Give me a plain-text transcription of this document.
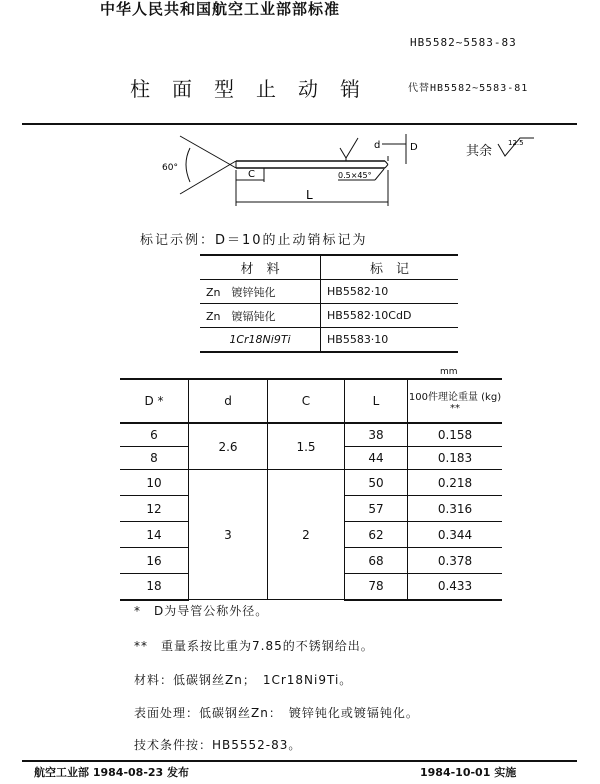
中华人民共和国航空工业部部标准
HB5582~5583-83
柱面型止动销	代替HB5582~5583-81
60°
C	0.5×45°
L
d	D	其余
12.5
标记示例：D＝10的止动销标记为
材　料	标　记
Zn　镀锌钝化	HB5582·10
Zn　镀镉钝化	HB5582·10CdD
1Cr18Ni9Ti	HB5583·10
mm
D *	d	C	L	100件理论重量 (kg) **
6	2.6	1.5	38	0.158
8			44	0.183
10	3	2	50	0.218
12			57	0.316
14			62	0.344
16			68	0.378
18			78	0.433
*　D为导管公称外径。
**　重量系按比重为7.85的不锈钢给出。
材料：低碳钢丝Zn；　1Cr18Ni9Ti。
表面处理：低碳钢丝Zn：　镀锌钝化或镀镉钝化。
技术条件按：HB5552-83。
航空工业部 1984-08-23 发布	1984-10-01 实施
